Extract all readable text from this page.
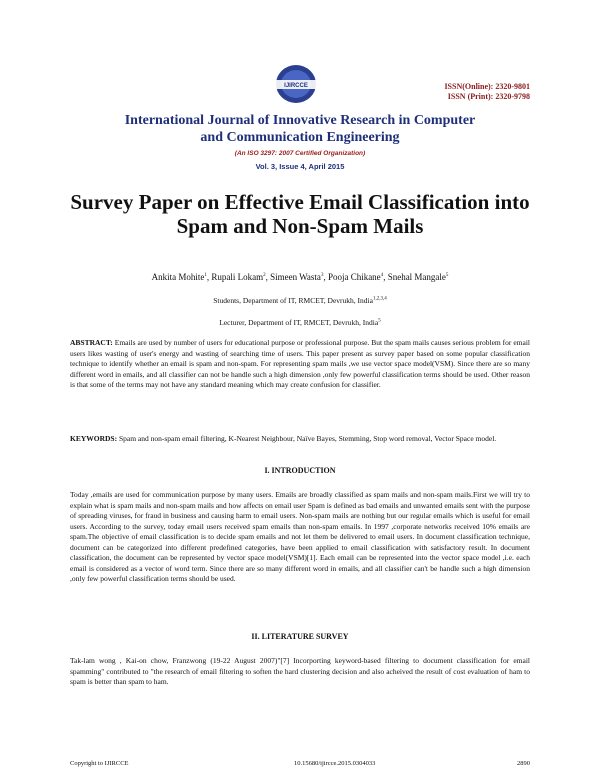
IJIRCCE	ISSN(Online): 2320-9801
ISSN (Print): 2320-9798
International Journal of Innovative Research in Computer
and Communication Engineering
(An ISO 3297: 2007 Certified Organization)
Vol. 3, Issue 4, April 2015
Survey Paper on Effective Email Classification into Spam and Non-Spam Mails
Ankita Mohite$^1$, Rupali Lokam$^2$, Simeen Wasta$^3$, Pooja Chikane$^4$, Snehal Mangale$^5$
Students, Department of IT, RMCET, Devrukh, India$^{1,2,3,4}$
Lecturer, Department of IT, RMCET, Devrukh, India$^5$
ABSTRACT: Emails are used by number of users for educational purpose or professional purpose. But the spam mails causes serious problem for email users likes wasting of user's energy and wasting of searching time of users. This paper present as survey paper based on some popular classification technique to identify whether an email is spam and non-spam. For representing spam mails ,we use vector space model(VSM). Since there are so many different word in emails, and all classifier can not be handle such a high dimension ,only few powerful classification terms should be used. Other reason is that some of the terms may not have any standard meaning which may create confusion for classifier.
KEYWORDS: Spam and non-spam email filtering, K-Nearest Neighbour, Naïve Bayes, Stemming, Stop word removal, Vector Space model.
I. INTRODUCTION
Today ,emails are used for communication purpose by many users. Emails are broadly classified as spam mails and non-spam mails.First we will try to explain what is spam mails and non-spam mails and how affects on email user Spam is defined as bad emails and unwanted emails sent with the purpose of spreading viruses, for fraud in business and causing harm to email users. Non-spam mails are nothing but our regular emails which is useful for email users. According to the survey, today email users received spam emails than non-spam emails. In 1997 ,corporate networks received 10% emails are spam.The objective of email classification is to decide spam emails and not let them be delivered to email users. In document classification technique, document can be categorized into different predefined categories, have been applied to email classification with satisfactory result. In document classification, the document can be represented by vector space model(VSM)[1]. Each email can be represented into the vector space model ,i.e. each email is considered as a vector of word term. Since there are so many different word in emails, and all classifier can't be handle such a high dimension ,only few powerful classification terms should be used.
II. LITERATURE SURVEY
Tak-lam wong , Kai-on chow, Franzwong (19-22 August 2007)"[7] Incorporting keyword-based filtering to document classification for email spamming" contributed to "the research of email filtering to soften the hard clustering decision and also acheived the result of cost evaluation of ham to spam is better than spam to ham.
Copyright to IJIRCCE	10.15680/ijircce.2015.0304033	2890
